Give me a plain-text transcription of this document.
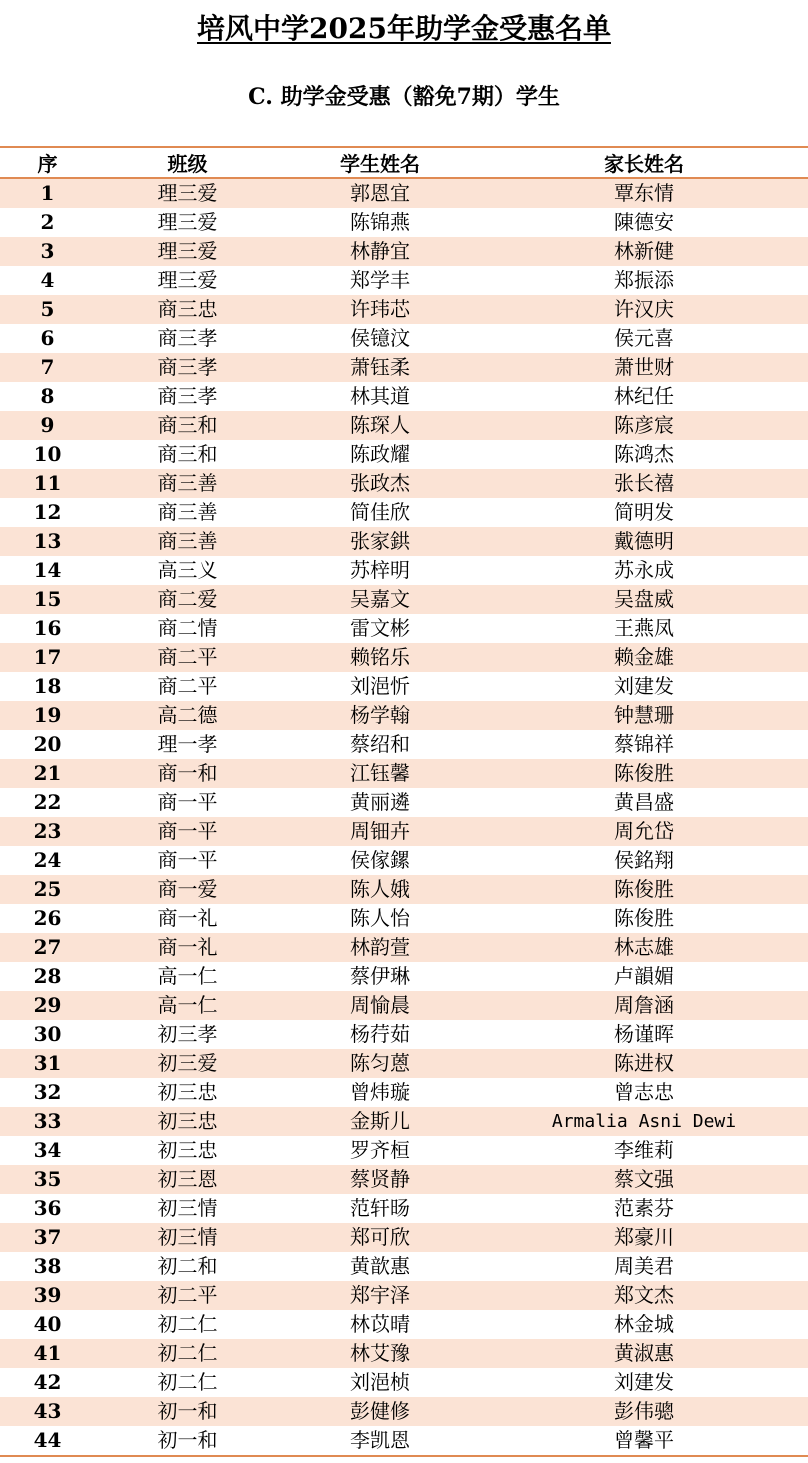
培风中学2025年助学金受惠名单
C. 助学金受惠（豁免7期）学生
序	班级	学生姓名	家长姓名
1	理三爱	郭恩宜	覃东情
2	理三爱	陈锦燕	陳德安
3	理三爱	林静宜	林新健
4	理三爱	郑学丰	郑振添
5	商三忠	许玮芯	许汉庆
6	商三孝	侯镱汶	侯元喜
7	商三孝	萧钰柔	萧世财
8	商三孝	林其道	林纪任
9	商三和	陈琛人	陈彦宸
10	商三和	陈政耀	陈鸿杰
11	商三善	张政杰	张长禧
12	商三善	简佳欣	简明发
13	商三善	张家鉷	戴德明
14	高三义	苏梓明	苏永成
15	商二爱	吴嘉文	吴盘威
16	商二情	雷文彬	王燕凤
17	商二平	赖铭乐	赖金雄
18	商二平	刘浥忻	刘建发
19	高二德	杨学翰	钟慧珊
20	理一孝	蔡绍和	蔡锦祥
21	商一和	江钰馨	陈俊胜
22	商一平	黄丽遴	黄昌盛
23	商一平	周钿卉	周允岱
24	商一平	侯傢鏍	侯銘翔
25	商一爱	陈人娥	陈俊胜
26	商一礼	陈人怡	陈俊胜
27	商一礼	林韵萱	林志雄
28	高一仁	蔡伊琳	卢韻媚
29	高一仁	周愉晨	周詹涵
30	初三孝	杨荇茹	杨谨晖
31	初三爱	陈匀蒽	陈进权
32	初三忠	曾炜璇	曾志忠
33	初三忠	金斯儿	Armalia Asni Dewi
34	初三忠	罗齐桓	李维莉
35	初三恩	蔡贤静	蔡文强
36	初三情	范轩旸	范素芬
37	初三情	郑可欣	郑豪川
38	初二和	黄歆惠	周美君
39	初二平	郑宇泽	郑文杰
40	初二仁	林苡晴	林金城
41	初二仁	林艾豫	黄淑惠
42	初二仁	刘浥桢	刘建发
43	初一和	彭健修	彭伟骢
44	初一和	李凯恩	曾馨平
